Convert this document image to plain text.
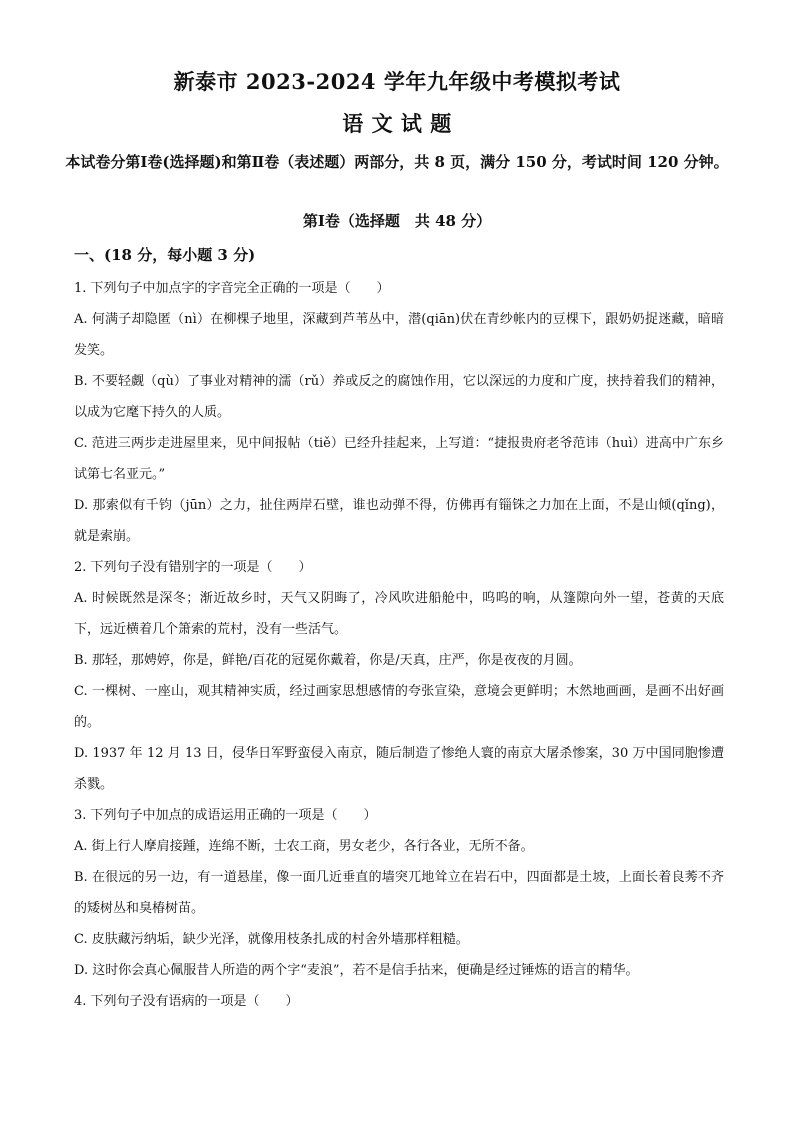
新泰市 2023-2024 学年九年级中考模拟考试
语 文 试 题
本试卷分第Ⅰ卷(选择题)和第Ⅱ卷（表述题）两部分，共 8 页，满分 150 分，考试时间 120 分钟。
第Ⅰ卷（选择题　共 48 分）
一、(18 分，每小题 3 分)

1. 下列句子中加点字的字音完全正确的一项是（　　）

A. 何满子却隐匿（nì）在柳棵子地里，深藏到芦苇丛中，潜(qiān)伏在青纱帐内的豆棵下，跟奶奶捉迷藏，暗暗发笑。

B. 不要轻觑（qù）了事业对精神的濡（rǔ）养或反之的腐蚀作用，它以深远的力度和广度，挟持着我们的精神，以成为它麾下持久的人质。

C. 范进三两步走进屋里来，见中间报帖（tiě）已经升挂起来，上写道：“捷报贵府老爷范讳（huì）进高中广东乡试第七名亚元。”

D. 那索似有千钧（jūn）之力，扯住两岸石壁，谁也动弹不得，仿佛再有锱铢之力加在上面，不是山倾(qǐng)，就是索崩。

2. 下列句子没有错别字的一项是（　　）

A. 时候既然是深冬；渐近故乡时，天气又阴晦了，冷风吹进船舱中，呜呜的响，从篷隙向外一望，苍黄的天底下，远近横着几个箫索的荒村，没有一些活气。

B. 那轻，那娉婷，你是，鲜艳/百花的冠冕你戴着，你是/天真，庄严，你是夜夜的月圆。

C. 一棵树、一座山，观其精神实质，经过画家思想感情的夸张宣染，意境会更鲜明；木然地画画，是画不出好画的。

D. 1937 年 12 月 13 日，侵华日军野蛮侵入南京，随后制造了惨绝人寰的南京大屠杀惨案，30 万中国同胞惨遭杀戮。

3. 下列句子中加点的成语运用正确的一项是（　　）

A. 街上行人摩肩接踵，连绵不断，士农工商，男女老少，各行各业，无所不备。

B. 在很远的另一边，有一道悬崖，像一面几近垂直的墙突兀地耸立在岩石中，四面都是土坡，上面长着良莠不齐的矮树丛和臭椿树苗。

C. 皮肤藏污纳垢，缺少光泽，就像用枝条扎成的村舍外墙那样粗糙。

D. 这时你会真心佩服昔人所造的两个字“麦浪”，若不是信手拈来，便确是经过锤炼的语言的精华。

4. 下列句子没有语病的一项是（　　）
